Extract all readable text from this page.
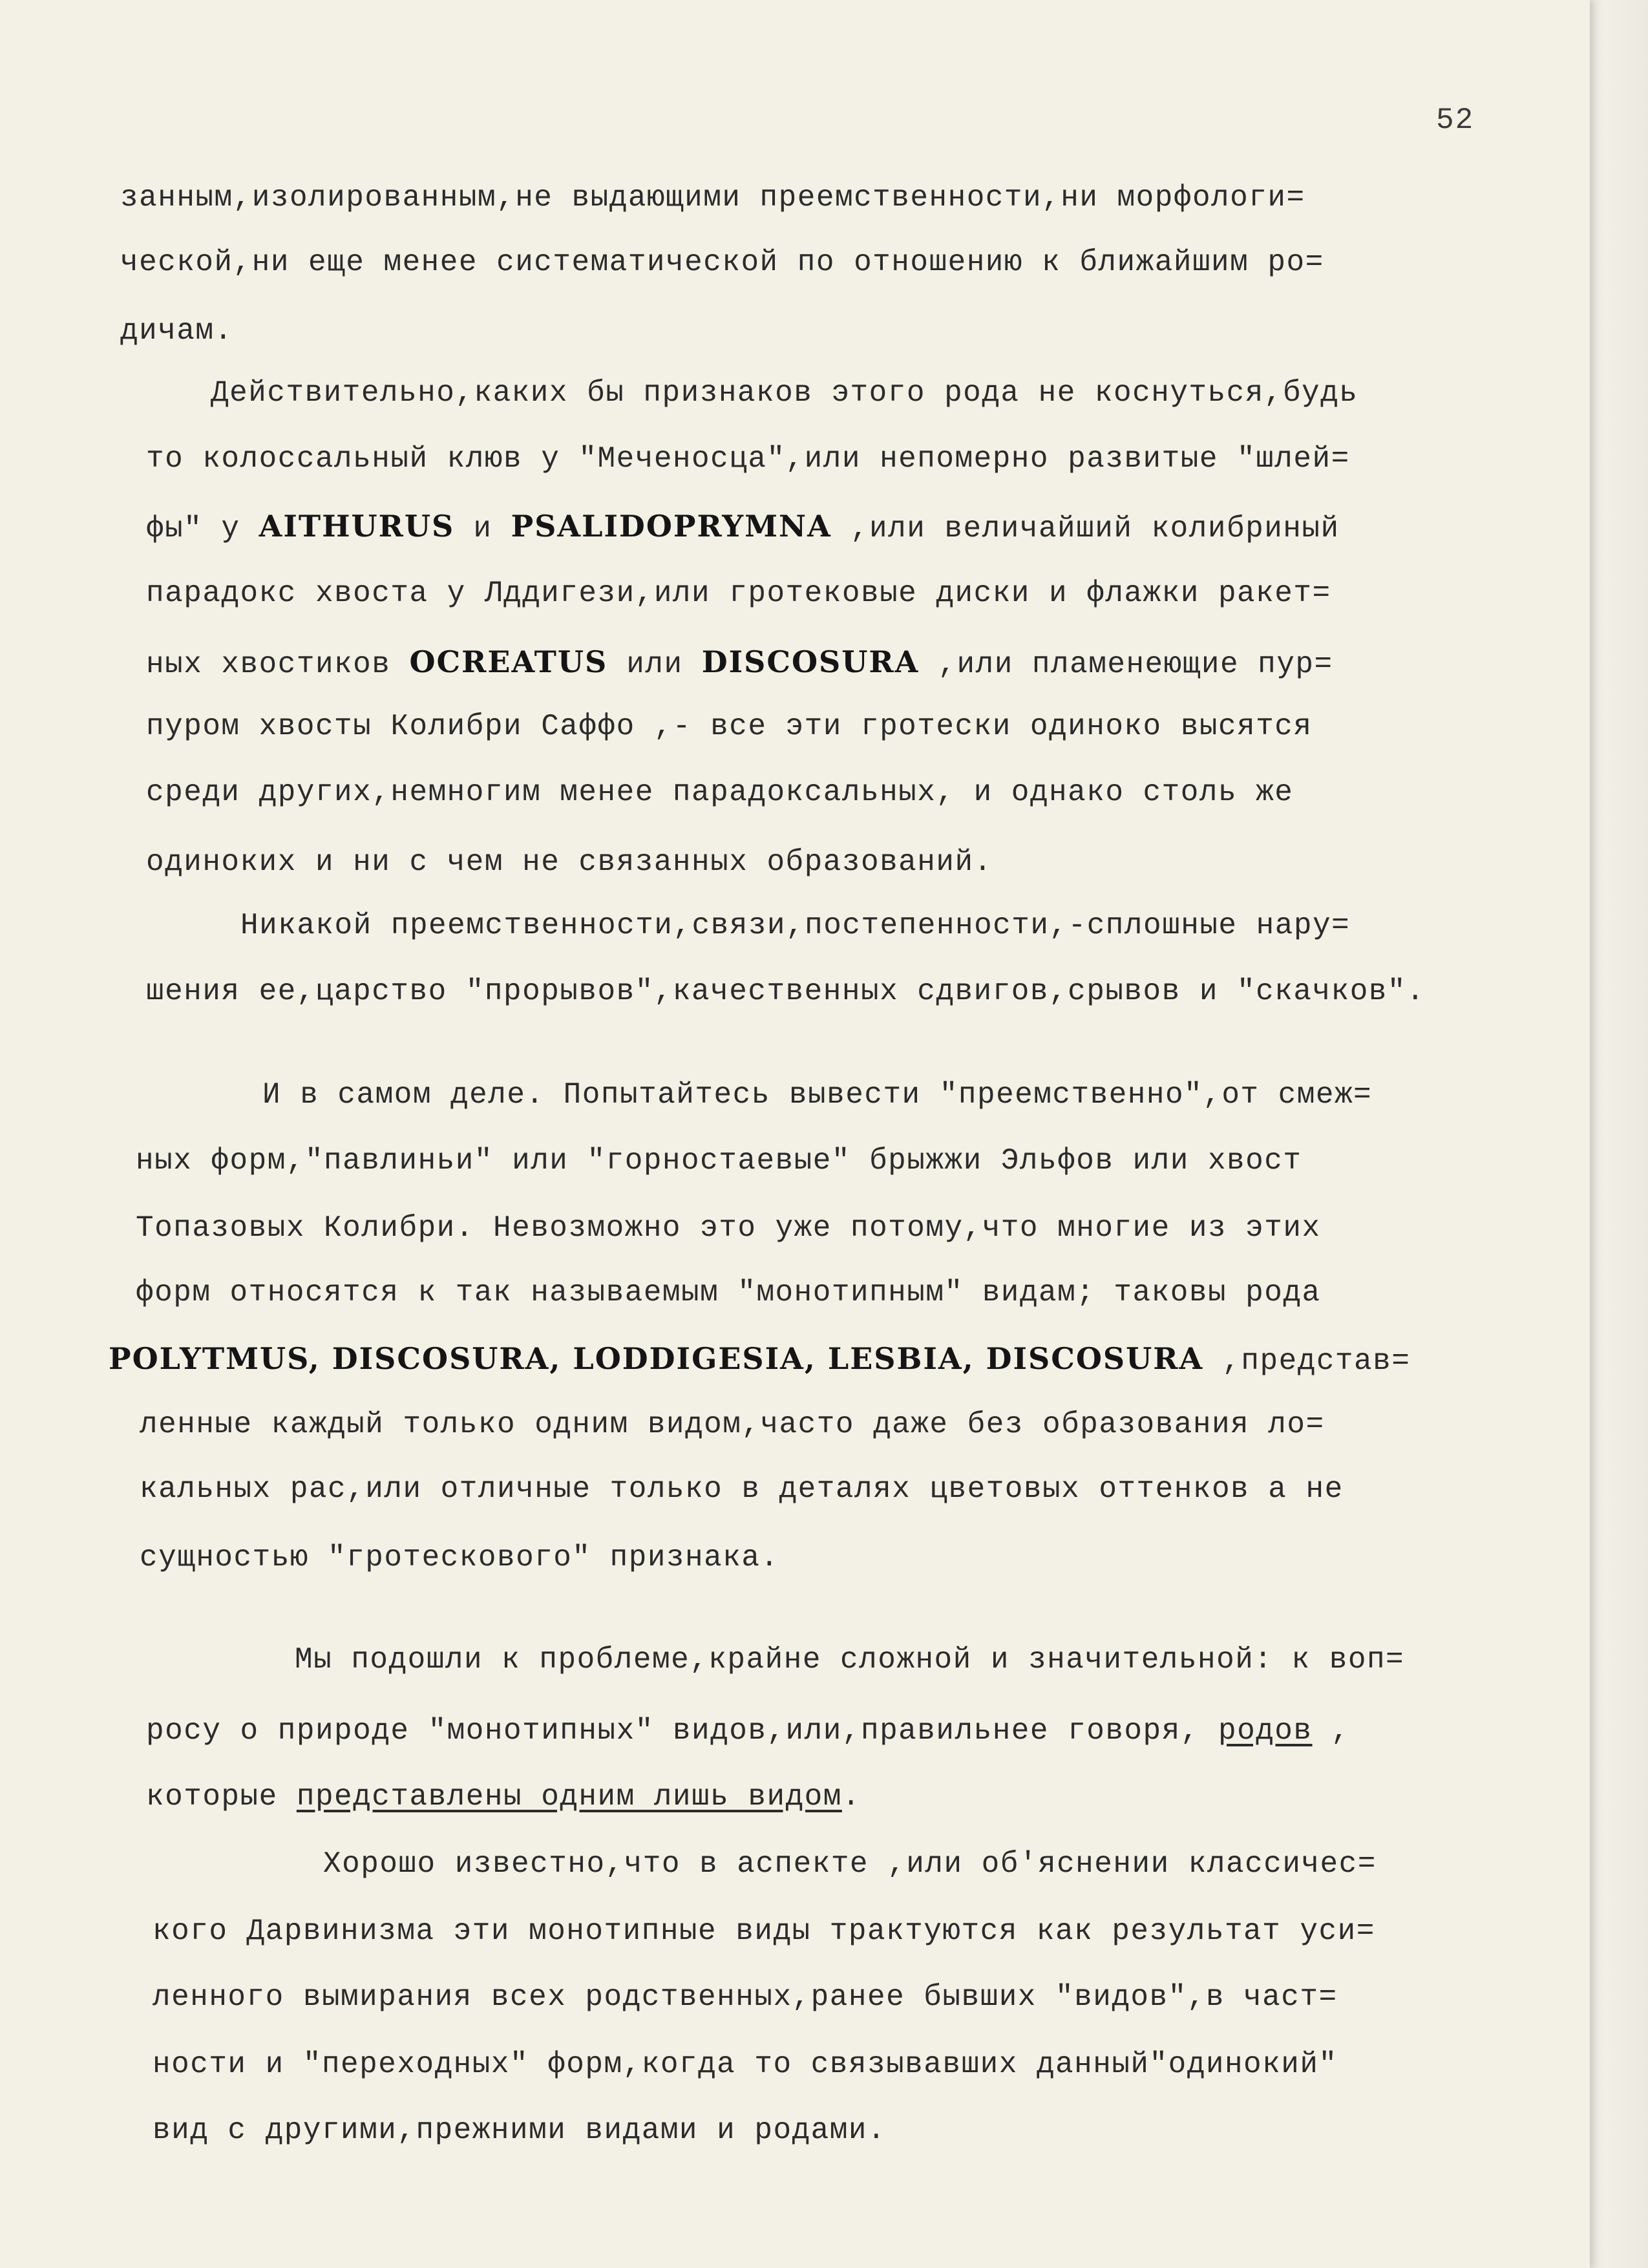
52
занным,изолированным,не выдающими преемственности,ни морфологи=
ческой,ни еще менее систематической по отношению к ближайшим ро=
дичам.
Действительно,каких бы признаков этого рода не коснуться,будь
то колоссальный клюв у "Меченосца",или непомерно развитые "шлей=
фы" у AITHURUS и PSALIDOPRYMNA ,или величайший колибриный
парадокс хвоста у Лддигези,или гротековые диски и флажки ракет=
ных хвостиков OCREATUS или DISCOSURA ,или пламенеющие пур=
пуром хвосты Колибри Саффо ,- все эти гротески одиноко высятся
среди других,немногим менее парадоксальных, и однако столь же
одиноких и ни с чем не связанных образований.
Никакой преемственности,связи,постепенности,-сплошные нару=
шения ее,царство "прорывов",качественных сдвигов,срывов и "скачков".
И в самом деле. Попытайтесь вывести "преемственно",от смеж=
ных форм,"павлиньи" или "горностаевые" брыжжи Эльфов или хвост
Топазовых Колибри. Невозможно это уже потому,что многие из этих
форм относятся к так называемым "монотипным" видам; таковы рода
POLYTMUS, DISCOSURA, LODDIGESIA, LESBIA, DISCOSURA ,представ=
ленные каждый только одним видом,часто даже без образования ло=
кальных рас,или отличные только в деталях цветовых оттенков а не
сущностью "гротескового" признака.
Мы подошли к проблеме,крайне сложной и значительной: к воп=
росу о природе "монотипных" видов,или,правильнее говоря, родов ,
которые представлены одним лишь видом.
Хорошо известно,что в аспекте ,или об'яснении классичес=
кого Дарвинизма эти монотипные виды трактуются как результат уси=
ленного вымирания всех родственных,ранее бывших "видов",в част=
ности и "переходных" форм,когда то связывавших данный"одинокий"
вид с другими,прежними видами и родами.
